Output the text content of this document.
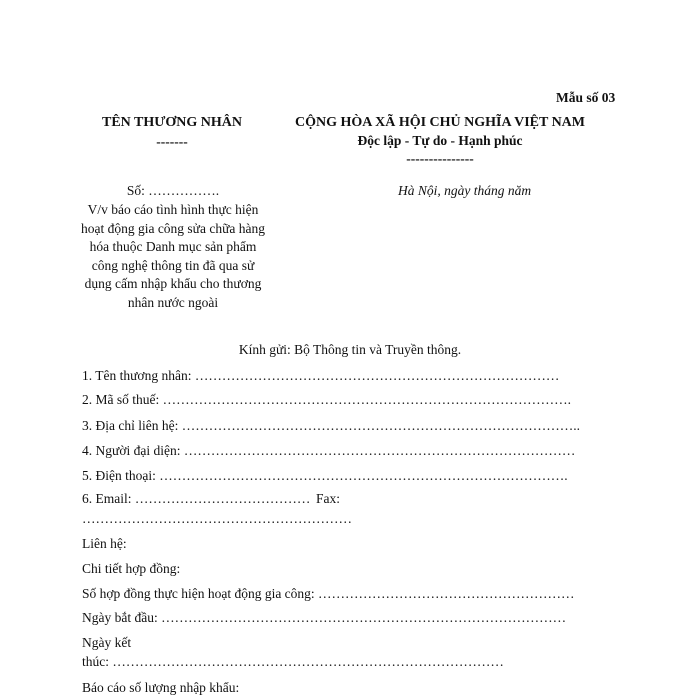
Mẫu số 03
TÊN THƯƠNG NHÂN
-------
CỘNG HÒA XÃ HỘI CHỦ NGHĨA VIỆT NAM
Độc lập - Tự do - Hạnh phúc
---------------
Số: …………….
V/v báo cáo tình hình thực hiện hoạt động gia công sửa chữa hàng hóa thuộc Danh mục sản phẩm công nghệ thông tin đã qua sử dụng cấm nhập khẩu cho thương nhân nước ngoài
Hà Nội, ngày tháng năm
Kính gửi: Bộ Thông tin và Truyền thông.
1. Tên thương nhân: ………………………………………………………………………
2. Mã số thuế: ……………………………………………………………………………….
3. Địa chỉ liên hệ: ……………………………………………………………………………..
4. Người đại diện: ……………………………………………………………………………
5. Điện thoại: ……………………………………………………………………………….
6. Email: ………………………………… Fax:
……………………………………………………
Liên hệ:
Chi tiết hợp đồng:
Số hợp đồng thực hiện hoạt động gia công: …………………………………………………
Ngày bắt đầu: ………………………………………………………………………………
Ngày kết
thúc: ……………………………………………………………………………
Báo cáo số lượng nhập khẩu:
